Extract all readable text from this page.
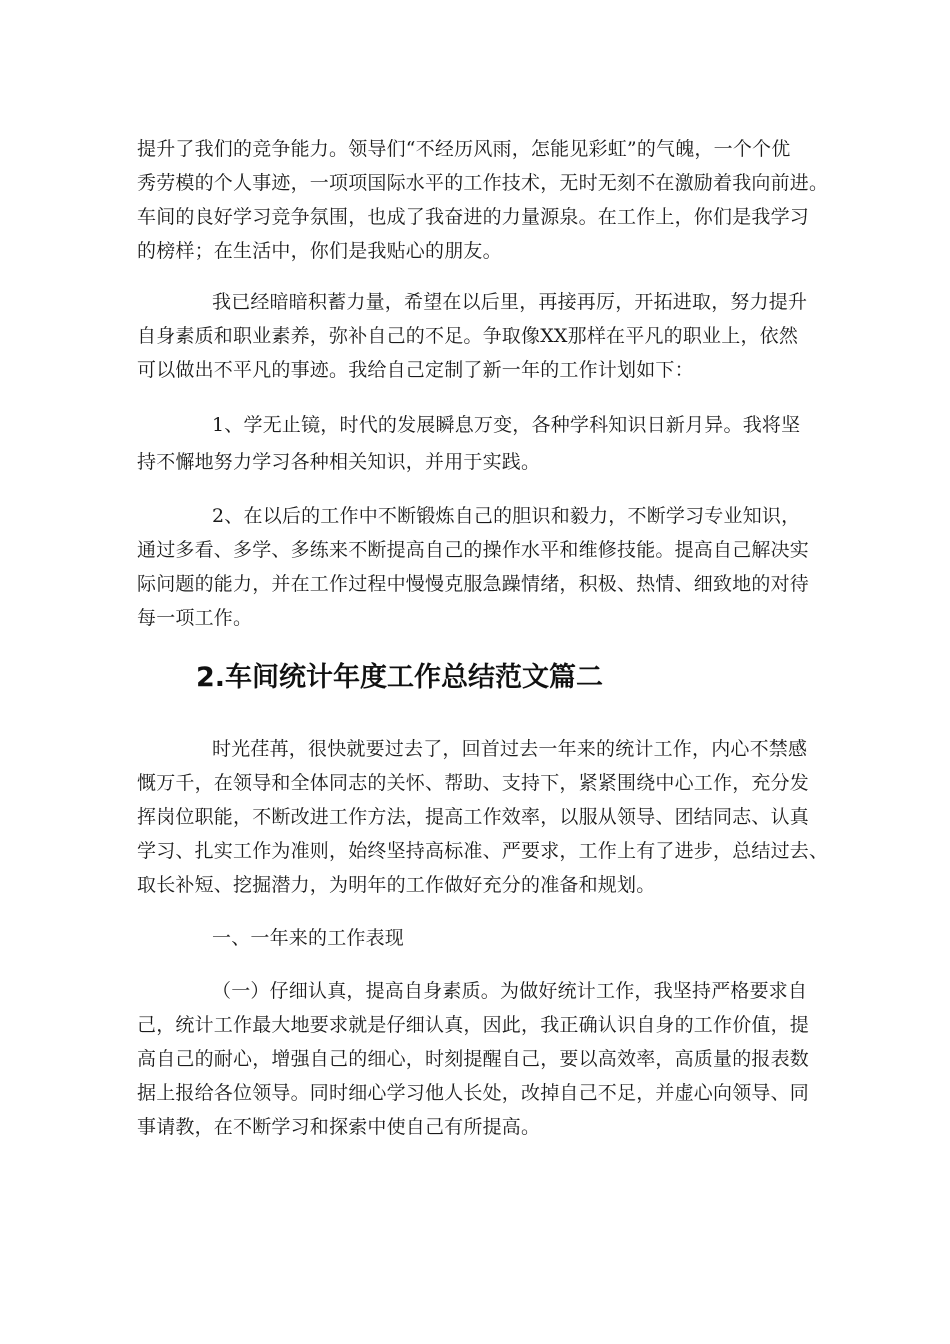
提升了我们的竞争能力。领导们“不经历风雨，怎能见彩虹”的气魄，一个个优
秀劳模的个人事迹，一项项国际水平的工作技术，无时无刻不在激励着我向前进。
车间的良好学习竞争氛围，也成了我奋进的力量源泉。在工作上，你们是我学习
的榜样；在生活中，你们是我贴心的朋友。
我已经暗暗积蓄力量，希望在以后里，再接再厉，开拓进取，努力提升
自身素质和职业素养，弥补自己的不足。争取像XX那样在平凡的职业上，依然
可以做出不平凡的事迹。我给自己定制了新一年的工作计划如下：
1、学无止镜，时代的发展瞬息万变，各种学科知识日新月异。我将坚
持不懈地努力学习各种相关知识，并用于实践。
2、在以后的工作中不断锻炼自己的胆识和毅力，不断学习专业知识，
通过多看、多学、多练来不断提高自己的操作水平和维修技能。提高自己解决实
际问题的能力，并在工作过程中慢慢克服急躁情绪，积极、热情、细致地的对待
每一项工作。
2.车间统计年度工作总结范文篇二
时光荏苒，很快就要过去了，回首过去一年来的统计工作，内心不禁感
慨万千，在领导和全体同志的关怀、帮助、支持下，紧紧围绕中心工作，充分发
挥岗位职能，不断改进工作方法，提高工作效率，以服从领导、团结同志、认真
学习、扎实工作为准则，始终坚持高标准、严要求，工作上有了进步，总结过去、
取长补短、挖掘潜力，为明年的工作做好充分的准备和规划。
一、一年来的工作表现
（一）仔细认真，提高自身素质。为做好统计工作，我坚持严格要求自
己，统计工作最大地要求就是仔细认真，因此，我正确认识自身的工作价值，提
高自己的耐心，增强自己的细心，时刻提醒自己，要以高效率，高质量的报表数
据上报给各位领导。同时细心学习他人长处，改掉自己不足，并虚心向领导、同
事请教，在不断学习和探索中使自己有所提高。
